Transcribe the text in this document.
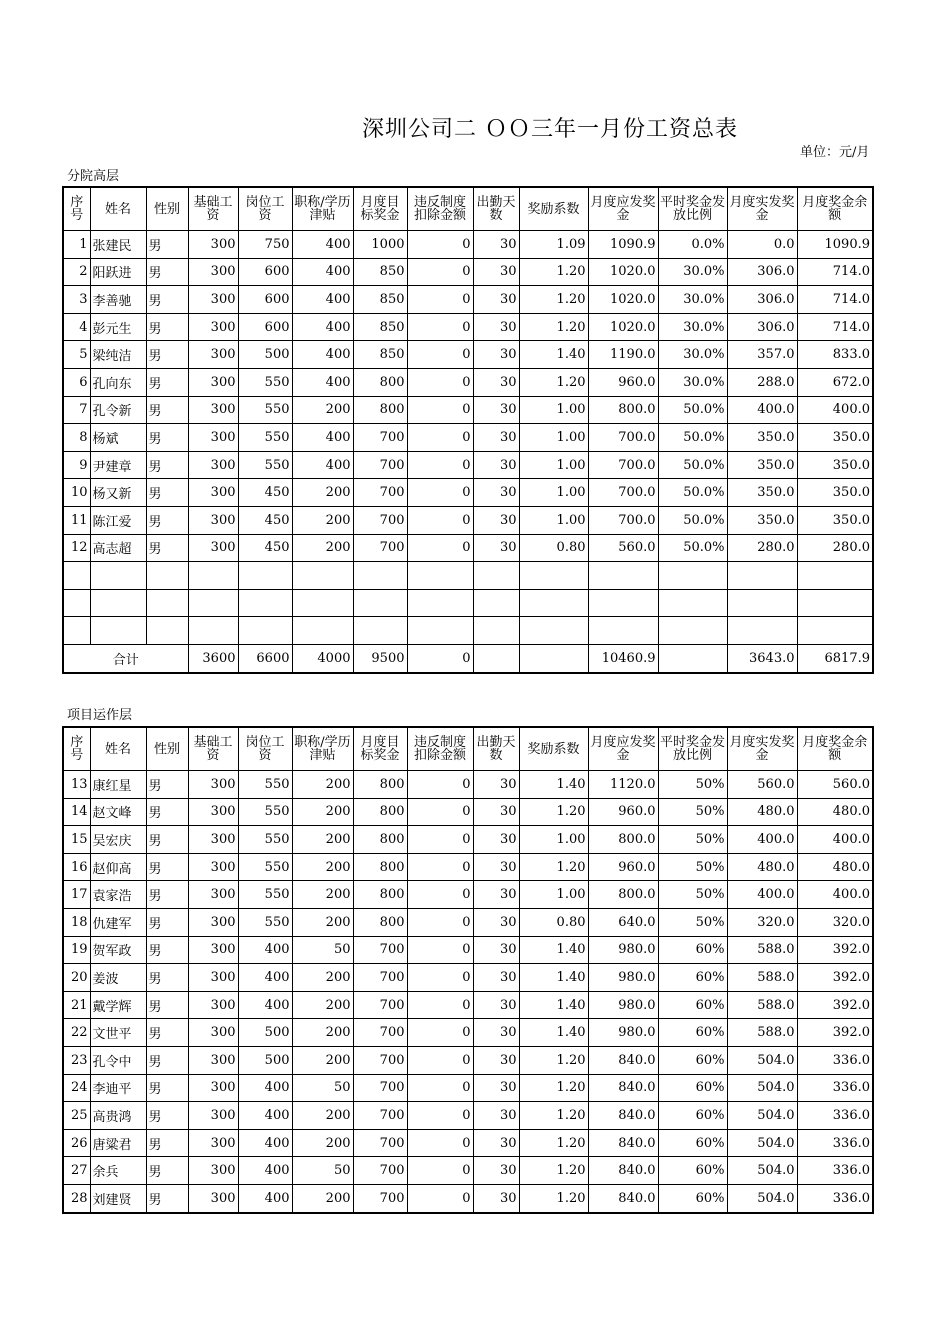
深圳公司二 ＯＯ三年一月份工资总表
单位：元/月
分院高层
序号	姓名	性别	基础工资	岗位工资	职称/学历津贴	月度目标奖金	违反制度扣除金额	出勤天数	奖励系数	月度应发奖金	平时奖金发放比例	月度实发奖金	月度奖金余额
1	张建民	男	300	750	400	1000	0	30	1.09	1090.9	0.0%	0.0	1090.9
2	阳跃进	男	300	600	400	850	0	30	1.20	1020.0	30.0%	306.0	714.0
3	李善驰	男	300	600	400	850	0	30	1.20	1020.0	30.0%	306.0	714.0
4	彭元生	男	300	600	400	850	0	30	1.20	1020.0	30.0%	306.0	714.0
5	梁纯洁	男	300	500	400	850	0	30	1.40	1190.0	30.0%	357.0	833.0
6	孔向东	男	300	550	400	800	0	30	1.20	960.0	30.0%	288.0	672.0
7	孔令新	男	300	550	200	800	0	30	1.00	800.0	50.0%	400.0	400.0
8	杨斌	男	300	550	400	700	0	30	1.00	700.0	50.0%	350.0	350.0
9	尹建章	男	300	550	400	700	0	30	1.00	700.0	50.0%	350.0	350.0
10	杨又新	男	300	450	200	700	0	30	1.00	700.0	50.0%	350.0	350.0
11	陈江爱	男	300	450	200	700	0	30	1.00	700.0	50.0%	350.0	350.0
12	高志超	男	300	450	200	700	0	30	0.80	560.0	50.0%	280.0	280.0

合计			3600	6600	4000	9500	0			10460.9		3643.0	6817.9
项目运作层
序号	姓名	性别	基础工资	岗位工资	职称/学历津贴	月度目标奖金	违反制度扣除金额	出勤天数	奖励系数	月度应发奖金	平时奖金发放比例	月度实发奖金	月度奖金余额
13	康红星	男	300	550	200	800	0	30	1.40	1120.0	50%	560.0	560.0
14	赵文峰	男	300	550	200	800	0	30	1.20	960.0	50%	480.0	480.0
15	吴宏庆	男	300	550	200	800	0	30	1.00	800.0	50%	400.0	400.0
16	赵仰高	男	300	550	200	800	0	30	1.20	960.0	50%	480.0	480.0
17	袁家浩	男	300	550	200	800	0	30	1.00	800.0	50%	400.0	400.0
18	仇建军	男	300	550	200	800	0	30	0.80	640.0	50%	320.0	320.0
19	贺军政	男	300	400	50	700	0	30	1.40	980.0	60%	588.0	392.0
20	姜波	男	300	400	200	700	0	30	1.40	980.0	60%	588.0	392.0
21	戴学辉	男	300	400	200	700	0	30	1.40	980.0	60%	588.0	392.0
22	文世平	男	300	500	200	700	0	30	1.40	980.0	60%	588.0	392.0
23	孔令中	男	300	500	200	700	0	30	1.20	840.0	60%	504.0	336.0
24	李迪平	男	300	400	50	700	0	30	1.20	840.0	60%	504.0	336.0
25	高贵鸿	男	300	400	200	700	0	30	1.20	840.0	60%	504.0	336.0
26	唐粱君	男	300	400	200	700	0	30	1.20	840.0	60%	504.0	336.0
27	余兵	男	300	400	50	700	0	30	1.20	840.0	60%	504.0	336.0
28	刘建贤	男	300	400	200	700	0	30	1.20	840.0	60%	504.0	336.0
